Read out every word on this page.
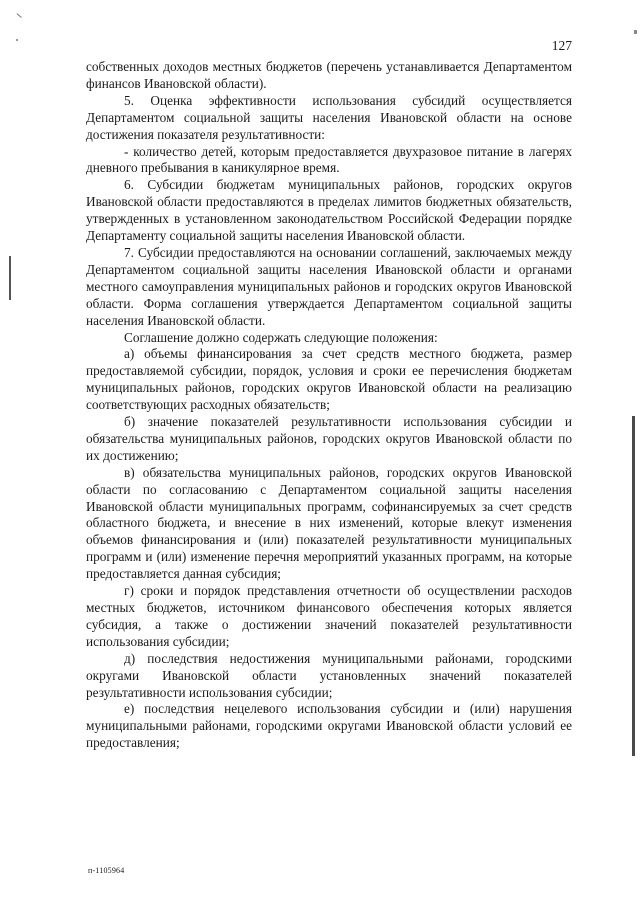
127

собственных доходов местных бюджетов (перечень устанавливается Департаментом финансов Ивановской области).

5. Оценка эффективности использования субсидий осуществляется Департаментом социальной защиты населения Ивановской области на основе достижения показателя результативности:

- количество детей, которым предоставляется двухразовое питание в лагерях дневного пребывания в каникулярное время.

6. Субсидии бюджетам муниципальных районов, городских округов Ивановской области предоставляются в пределах лимитов бюджетных обязательств, утвержденных в установленном законодательством Российской Федерации порядке Департаменту социальной защиты населения Ивановской области.

7. Субсидии предоставляются на основании соглашений, заключаемых между Департаментом социальной защиты населения Ивановской области и органами местного самоуправления муниципальных районов и городских округов Ивановской области. Форма соглашения утверждается Департаментом социальной защиты населения Ивановской области.

Соглашение должно содержать следующие положения:

а) объемы финансирования за счет средств местного бюджета, размер предоставляемой субсидии, порядок, условия и сроки ее перечисления бюджетам муниципальных районов, городских округов Ивановской области на реализацию соответствующих расходных обязательств;

б) значение показателей результативности использования субсидии и обязательства муниципальных районов, городских округов Ивановской области по их достижению;

в) обязательства муниципальных районов, городских округов Ивановской области по согласованию с Департаментом социальной защиты населения Ивановской области муниципальных программ, софинансируемых за счет средств областного бюджета, и внесение в них изменений, которые влекут изменения объемов финансирования и (или) показателей результативности муниципальных программ и (или) изменение перечня мероприятий указанных программ, на которые предоставляется данная субсидия;

г) сроки и порядок представления отчетности об осуществлении расходов местных бюджетов, источником финансового обеспечения которых является субсидия, а также о достижении значений показателей результативности использования субсидии;

д) последствия недостижения муниципальными районами, городскими округами Ивановской области установленных значений показателей результативности использования субсидии;

е) последствия нецелевого использования субсидии и (или) нарушения муниципальными районами, городскими округами Ивановской области условий ее предоставления;

п-1105964
